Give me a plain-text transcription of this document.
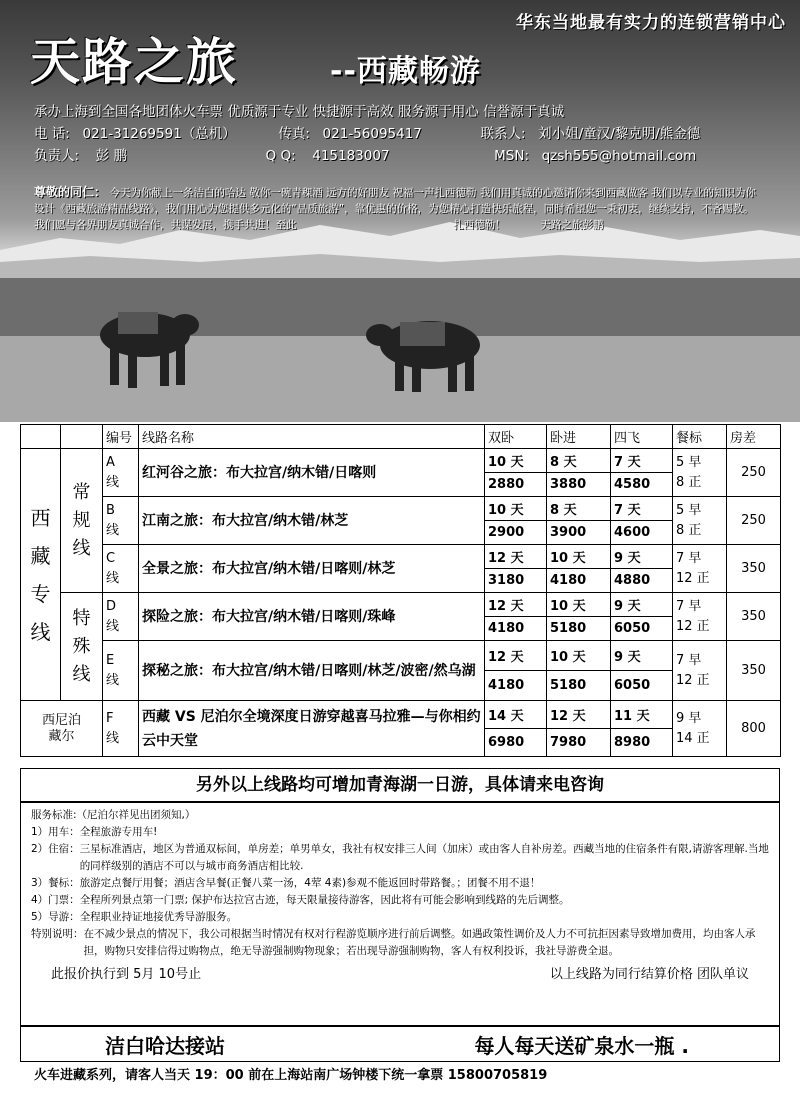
华东当地最有实力的连锁营销中心
天路之旅	--西藏畅游
承办上海到全国各地团体火车票 优质源于专业 快捷源于高效 服务源于用心 信誉源于真诚
电 话: 021-31269591（总机）	传真: 021-56095417	联系人: 刘小姐/童汉/黎克明/熊金德
负责人: 彭 鹏	Q Q: 415183007	MSN: qzsh555@hotmail.com
尊敬的同仁： 今天为你献上一条洁白的哈达 敬你一碗青稞酒 远方的好朋友 祝福一声扎西德勒 我们用真诚的心邀请你来到西藏做客 我们以专业的知识为你设计《西藏旅游精品线路》，我们用心为您提供多元化的“品质旅游”，靠优惠的价格，为您精心打造快乐旅程，同时希望您一秉初衷，继续支持，不吝赐教。我们愿与各界朋友真诚合作，共谋发展，携手共进！至此	扎西德勒！	天路之旅彭鹏
		编号	线路名称	双卧	卧进	四飞	餐标	房差

西藏专线	常规线	A线	红河谷之旅：布大拉宫/纳木错/日喀则	10 天	8 天	7 天	5 早
8 正	250
				2880	3880	4580		

		B线	江南之旅：布大拉宫/纳木错/林芝	10 天	8 天	7 天	5 早
8 正	250
				2900	3900	4600		

		C线	全景之旅：布大拉宫/纳木错/日喀则/林芝	12 天	10 天	9 天	7 早
12 正	350
				3180	4180	4880		

	特殊线	D线	探险之旅：布大拉宫/纳木错/日喀则/珠峰	12 天	10 天	9 天	7 早
12 正	350
				4180	5180	6050		

		E线	探秘之旅：布大拉宫/纳木错/日喀则/林芝/波密/然乌湖	12 天	10 天	9 天	7 早
12 正	350
				4180	5180	6050		

西尼泊藏尔		F线	西藏 VS 尼泊尔全境深度日游穿越喜马拉雅—与你相约云中天堂	14 天	12 天	11 天	9 早
14 正	800
				6980	7980	8980		
另外以上线路均可增加青海湖一日游，具体请来电咨询
服务标准:（尼泊尔祥见出团须知,）
1）用车： 全程旅游专用车!
2）住宿： 三星标准酒店，地区为普通双标间，单房差；单男单女，我社有权安排三人间（加床）或由客人自补房差。西藏当地的住宿条件有限,请游客理解.当地的同样级别的酒店不可以与城市商务酒店相比较.
3）餐标： 旅游定点餐厅用餐；酒店含早餐(正餐八菜一汤，4荤 4素)参观不能返回时带路餐。；团餐不用不退！
4）门票： 全程所列景点第一门票; 保护布达拉宫古迹，每天限量接待游客，因此将有可能会影响到线路的先后调整。
5）导游： 全程职业持证地接优秀导游服务。
特别说明： 在不减少景点的情况下，我公司根据当时情况有权对行程游览顺序进行前后调整。如遇政策性调价及人力不可抗拒因素导致增加费用，均由客人承担，购物只安排信得过购物点，绝无导游强制购物现象；若出现导游强制购物，客人有权利投诉，我社导游费全退。
此报价执行到 5月 10号止	以上线路为同行结算价格 团队单议
洁白哈达接站	每人每天送矿泉水一瓶 .
火车进藏系列，请客人当天 19：00 前在上海站南广场钟楼下统一拿票 15800705819
